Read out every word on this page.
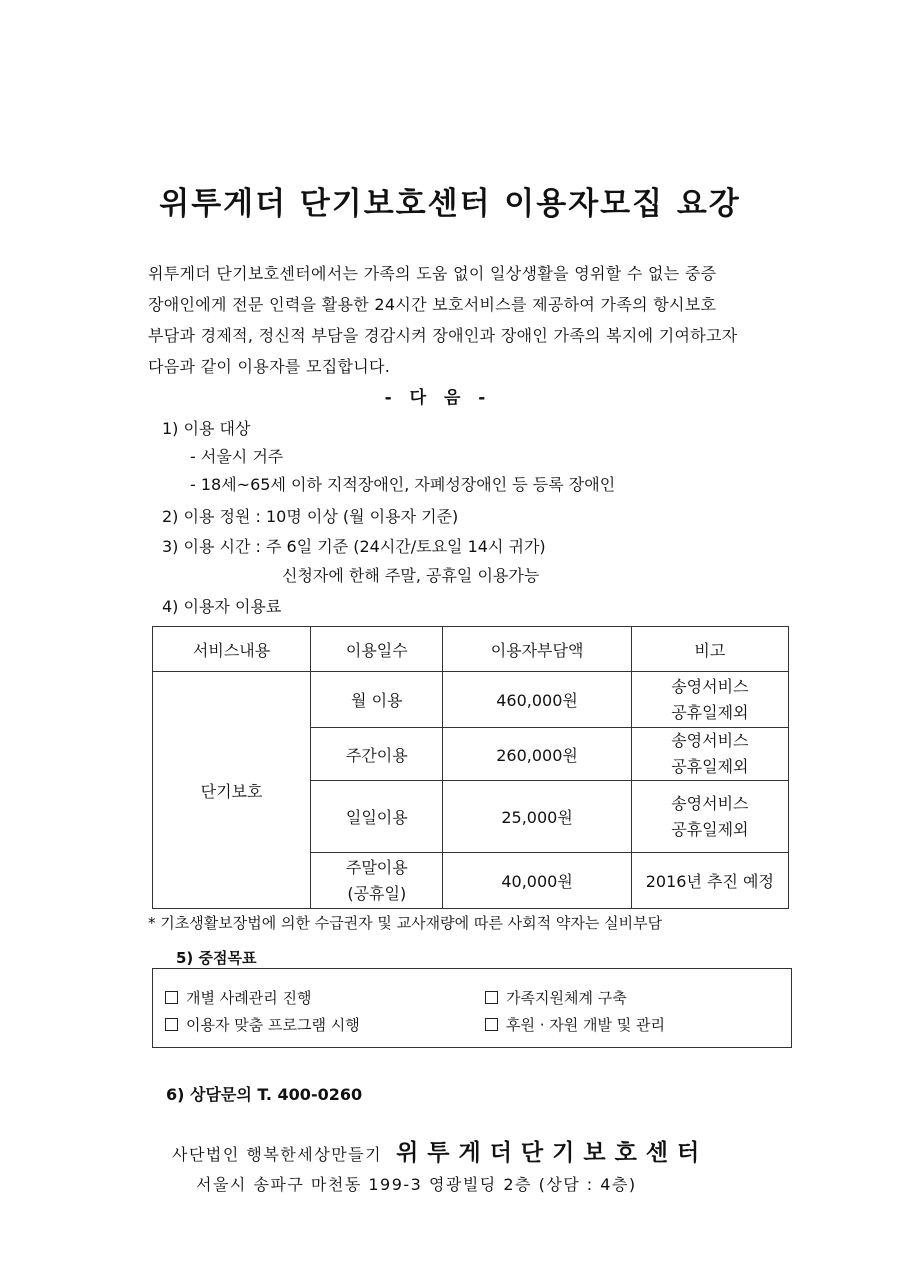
위투게더 단기보호센터 이용자모집 요강
위투게더 단기보호센터에서는 가족의 도움 없이 일상생활을 영위할 수 없는 중증
장애인에게 전문 인력을 활용한 24시간 보호서비스를 제공하여 가족의 항시보호
부담과 경제적, 정신적 부담을 경감시켜 장애인과 장애인 가족의 복지에 기여하고자
다음과 같이 이용자를 모집합니다.
- 다 음 -
1) 이용 대상
- 서울시 거주
- 18세~65세 이하 지적장애인, 자폐성장애인 등 등록 장애인
2) 이용 정원 : 10명 이상 (월 이용자 기준)
3) 이용 시간 : 주 6일 기준 (24시간/토요일 14시 귀가)
신청자에 한해 주말, 공휴일 이용가능
4) 이용자 이용료
서비스내용	이용일수	이용자부담액	비고
단기보호	월 이용	460,000원	송영서비스
공휴일제외

	주간이용	260,000원	송영서비스
공휴일제외

	일일이용	25,000원	송영서비스
공휴일제외

	주말이용
(공휴일)	40,000원	2016년 추진 예정
* 기초생활보장법에 의한 수급권자 및 교사재량에 따른 사회적 약자는 실비부담
5) 중점목표
개별 사례관리 진행	가족지원체계 구축
이용자 맞춤 프로그램 시행	후원 · 자원 개발 및 관리
6) 상담문의 T. 400-0260
사단법인 행복한세상만들기 위투게더단기보호센터
서울시 송파구 마천동 199-3 영광빌딩 2층 (상담 : 4층)
